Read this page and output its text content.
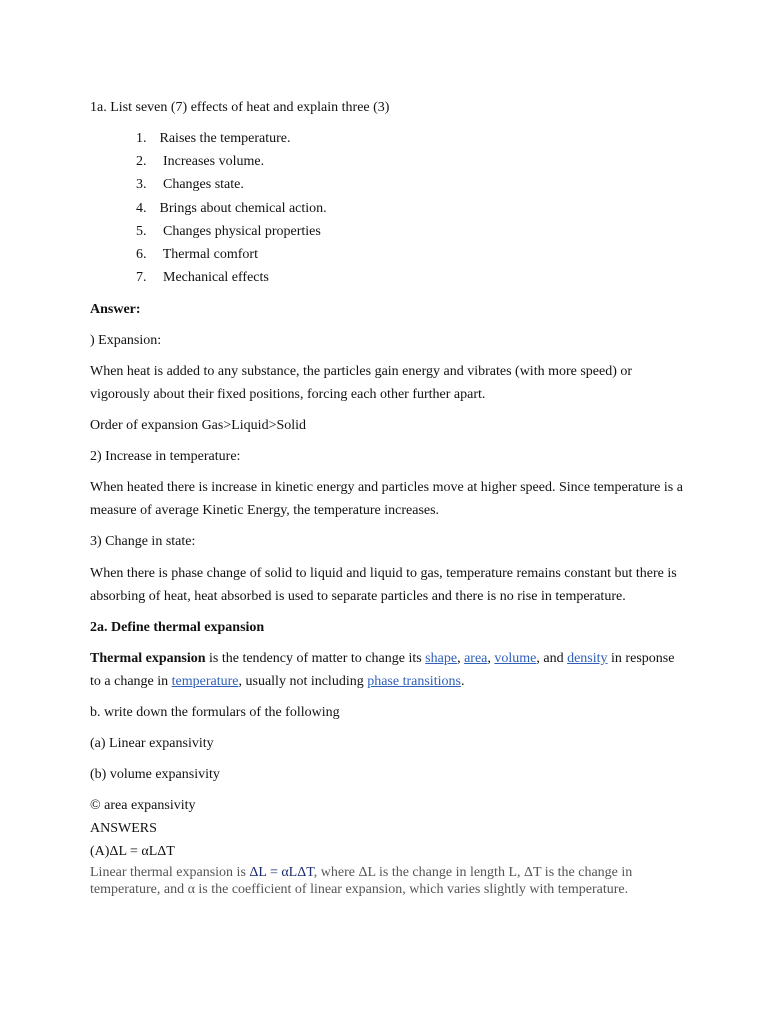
1a. List seven (7) effects of heat and explain three (3)
1. Raises the temperature.
2.  Increases volume.
3.  Changes state.
4. Brings about chemical action.
5.  Changes physical properties
6.  Thermal comfort
7.  Mechanical effects
Answer:
) Expansion:
When heat is added to any substance, the particles gain energy and vibrates (with more speed) or
vigorously about their fixed positions, forcing each other further apart.
Order of expansion Gas>Liquid>Solid
2) Increase in temperature:
When heated there is increase in kinetic energy and particles move at higher speed. Since temperature is a
measure of average Kinetic Energy, the temperature increases.
3) Change in state:
When there is phase change of solid to liquid and liquid to gas, temperature remains constant but there is
absorbing of heat, heat absorbed is used to separate particles and there is no rise in temperature.
2a. Define thermal expansion
Thermal expansion is the tendency of matter to change its shape, area, volume, and density in response
to a change in temperature, usually not including phase transitions.
b. write down the formulars of the following
(a) Linear expansivity
(b) volume expansivity
© area expansivity
ANSWERS
(A)ΔL = αLΔT
Linear thermal expansion is ΔL = αLΔT, where ΔL is the change in length L, ΔT is the change in
temperature, and α is the coefficient of linear expansion, which varies slightly with temperature.
